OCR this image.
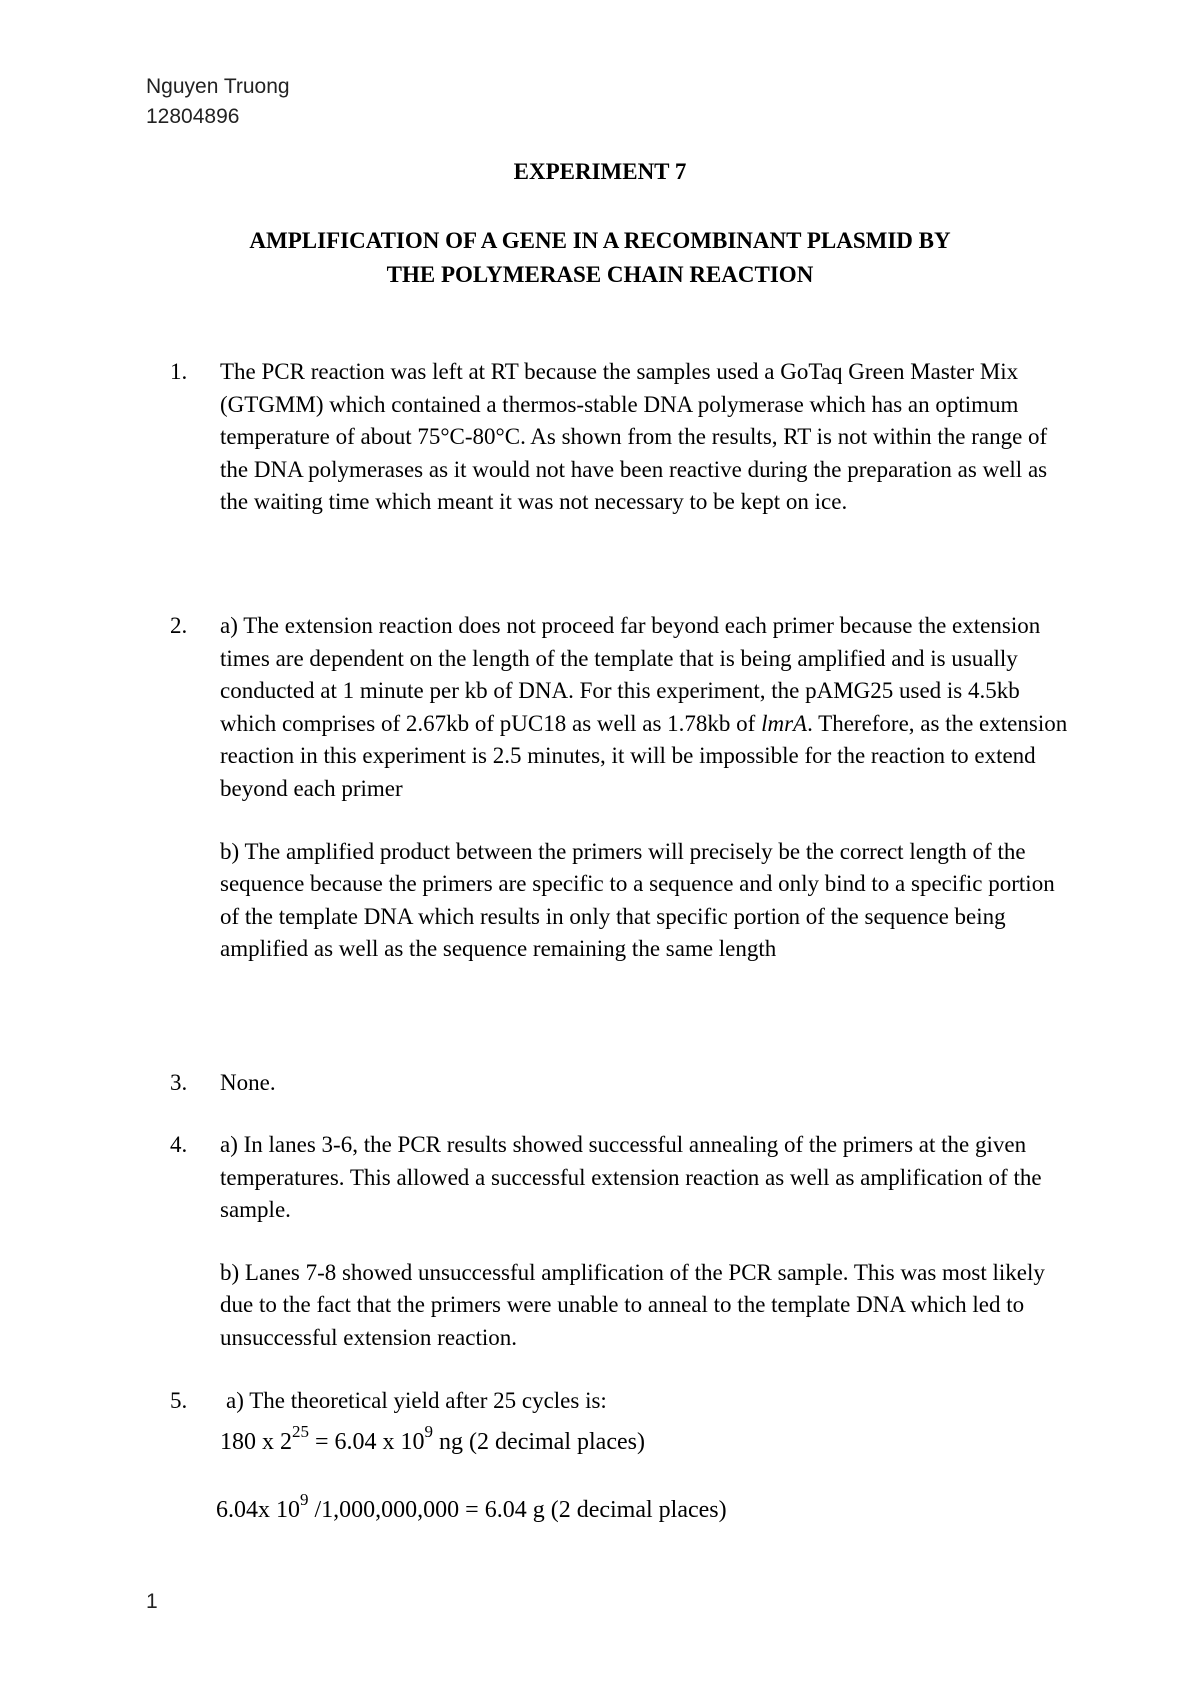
Nguyen Truong
12804896
EXPERIMENT 7
AMPLIFICATION OF A GENE IN A RECOMBINANT PLASMID BY
THE POLYMERASE CHAIN REACTION
1.	The PCR reaction was left at RT because the samples used a GoTaq Green Master Mix (GTGMM) which contained a thermos-stable DNA polymerase which has an optimum temperature of about 75°C-80°C. As shown from the results, RT is not within the range of the DNA polymerases as it would not have been reactive during the preparation as well as the waiting time which meant it was not necessary to be kept on ice.

2.	a) The extension reaction does not proceed far beyond each primer because the extension times are dependent on the length of the template that is being amplified and is usually conducted at 1 minute per kb of DNA. For this experiment, the pAMG25 used is 4.5kb which comprises of 2.67kb of pUC18 as well as 1.78kb of lmrA. Therefore, as the extension reaction in this experiment is 2.5 minutes, it will be impossible for the reaction to extend beyond each primer

b) The amplified product between the primers will precisely be the correct length of the sequence because the primers are specific to a sequence and only bind to a specific portion of the template DNA which results in only that specific portion of the sequence being amplified as well as the sequence remaining the same length

3.	None.

4.	a) In lanes 3-6, the PCR results showed successful annealing of the primers at the given temperatures. This allowed a successful extension reaction as well as amplification of the sample.

b) Lanes 7-8 showed unsuccessful amplification of the PCR sample. This was most likely due to the fact that the primers were unable to anneal to the template DNA which led to unsuccessful extension reaction.

5.	a) The theoretical yield after 25 cycles is:

180 x $2^{25} = 6.04$ x $10^9$ ng (2 decimal places)

6.04x $10^9$ /1,000,000,000 = 6.04 g (2 decimal places)

1
